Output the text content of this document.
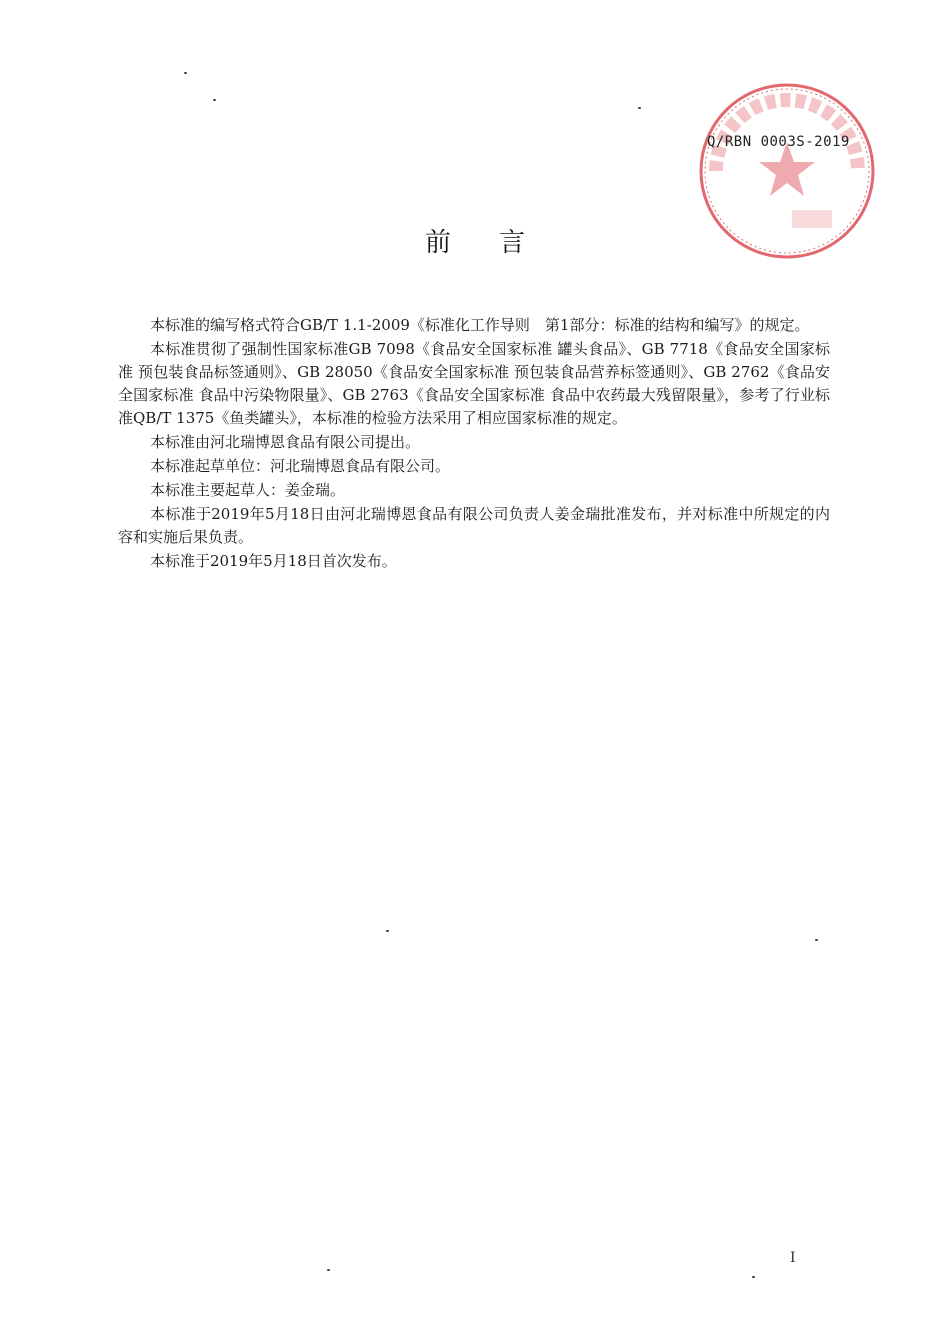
Q/RBN 0003S-2019
前言

本标准的编写格式符合GB/T 1.1-2009《标准化工作导则　第1部分：标准的结构和编写》的规定。

本标准贯彻了强制性国家标准GB 7098《食品安全国家标准 罐头食品》、GB 7718《食品安全国家标准 预包装食品标签通则》、GB 28050《食品安全国家标准 预包装食品营养标签通则》、GB 2762《食品安全国家标准 食品中污染物限量》、GB 2763《食品安全国家标准 食品中农药最大残留限量》，参考了行业标准QB/T 1375《鱼类罐头》，本标准的检验方法采用了相应国家标准的规定。

本标准由河北瑞博恩食品有限公司提出。

本标准起草单位：河北瑞博恩食品有限公司。

本标准主要起草人：姜金瑞。

本标准于2019年5月18日由河北瑞博恩食品有限公司负责人姜金瑞批准发布，并对标准中所规定的内容和实施后果负责。

本标准于2019年5月18日首次发布。

I
